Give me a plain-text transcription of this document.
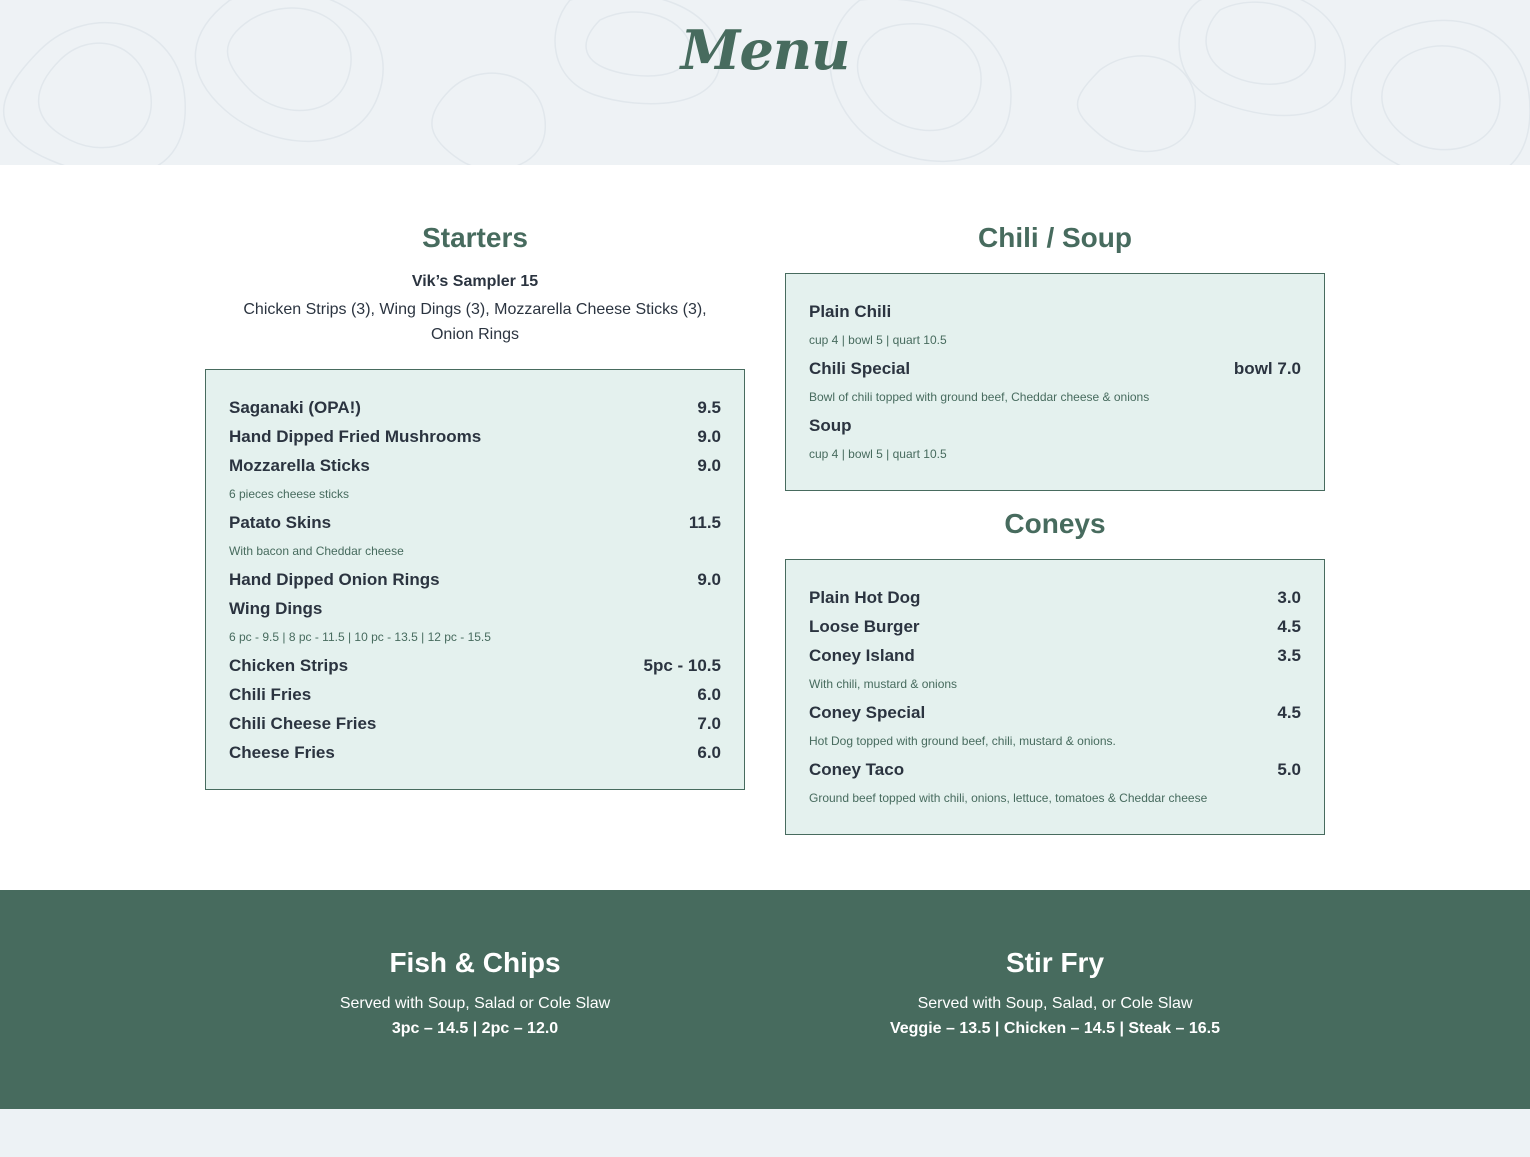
Menu
Starters
Vik’s Sampler 15
Chicken Strips (3), Wing Dings (3), Mozzarella Cheese Sticks (3), Onion Rings
Saganaki (OPA!)	9.5
Hand Dipped Fried Mushrooms	9.0
Mozzarella Sticks	9.0
6 pieces cheese sticks
Patato Skins	11.5
With bacon and Cheddar cheese
Hand Dipped Onion Rings	9.0
Wing Dings
6 pc - 9.5 | 8 pc - 11.5 | 10 pc - 13.5 | 12 pc - 15.5
Chicken Strips	5pc - 10.5
Chili Fries	6.0
Chili Cheese Fries	7.0
Cheese Fries	6.0
Chili / Soup
Plain Chili
cup 4 | bowl 5 | quart 10.5
Chili Special	bowl 7.0
Bowl of chili topped with ground beef, Cheddar cheese & onions
Soup
cup 4 | bowl 5 | quart 10.5
Coneys
Plain Hot Dog	3.0
Loose Burger	4.5
Coney Island	3.5
With chili, mustard & onions
Coney Special	4.5
Hot Dog topped with ground beef, chili, mustard & onions.
Coney Taco	5.0
Ground beef topped with chili, onions, lettuce, tomatoes & Cheddar cheese
Fish & Chips
Served with Soup, Salad or Cole Slaw
3pc – 14.5 | 2pc – 12.0
Stir Fry
Served with Soup, Salad, or Cole Slaw
Veggie – 13.5 | Chicken – 14.5 | Steak – 16.5
